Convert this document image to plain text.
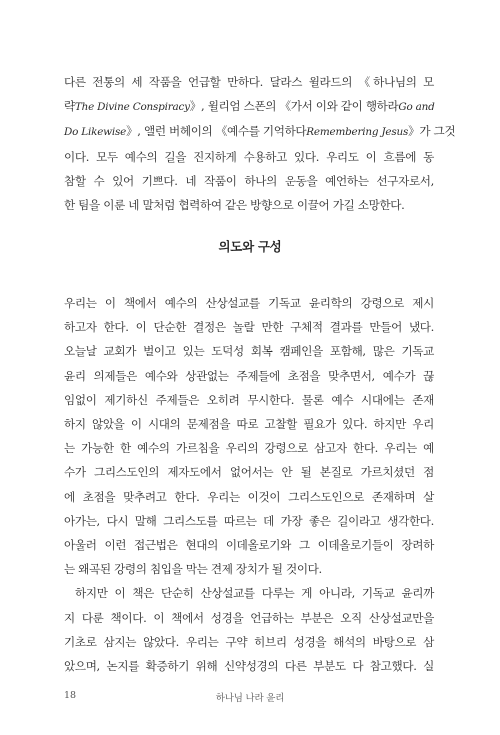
다른 전통의 세 작품을 언급할 만하다. 달라스 윌라드의 《하나님의 모
략The Divine Conspiracy》, 윌리엄 스폰의 《가서 이와 같이 행하라Go and
Do Likewise》, 앨런 버헤이의 《예수를 기억하다Remembering Jesus》가 그것
이다. 모두 예수의 길을 진지하게 수용하고 있다. 우리도 이 흐름에 동
참할 수 있어 기쁘다. 네 작품이 하나의 운동을 예언하는 선구자로서,
한 팀을 이룬 네 말처럼 협력하여 같은 방향으로 이끌어 가길 소망한다.
의도와 구성
우리는 이 책에서 예수의 산상설교를 기독교 윤리학의 강령으로 제시
하고자 한다. 이 단순한 결정은 놀랄 만한 구체적 결과를 만들어 냈다.
오늘날 교회가 벌이고 있는 도덕성 회복 캠페인을 포함해, 많은 기독교
윤리 의제들은 예수와 상관없는 주제들에 초점을 맞추면서, 예수가 끊
임없이 제기하신 주제들은 오히려 무시한다. 물론 예수 시대에는 존재
하지 않았을 이 시대의 문제점을 따로 고찰할 필요가 있다. 하지만 우리
는 가능한 한 예수의 가르침을 우리의 강령으로 삼고자 한다. 우리는 예
수가 그리스도인의 제자도에서 없어서는 안 될 본질로 가르치셨던 점
에 초점을 맞추려고 한다. 우리는 이것이 그리스도인으로 존재하며 살
아가는, 다시 말해 그리스도를 따르는 데 가장 좋은 길이라고 생각한다.
아울러 이런 접근법은 현대의 이데올로기와 그 이데올로기들이 장려하
는 왜곡된 강령의 침입을 막는 견제 장치가 될 것이다.
하지만 이 책은 단순히 산상설교를 다루는 게 아니라, 기독교 윤리까
지 다룬 책이다. 이 책에서 성경을 언급하는 부분은 오직 산상설교만을
기초로 삼지는 않았다. 우리는 구약 히브리 성경을 해석의 바탕으로 삼
았으며, 논지를 확증하기 위해 신약성경의 다른 부분도 다 참고했다. 실
18	하나님 나라 윤리
